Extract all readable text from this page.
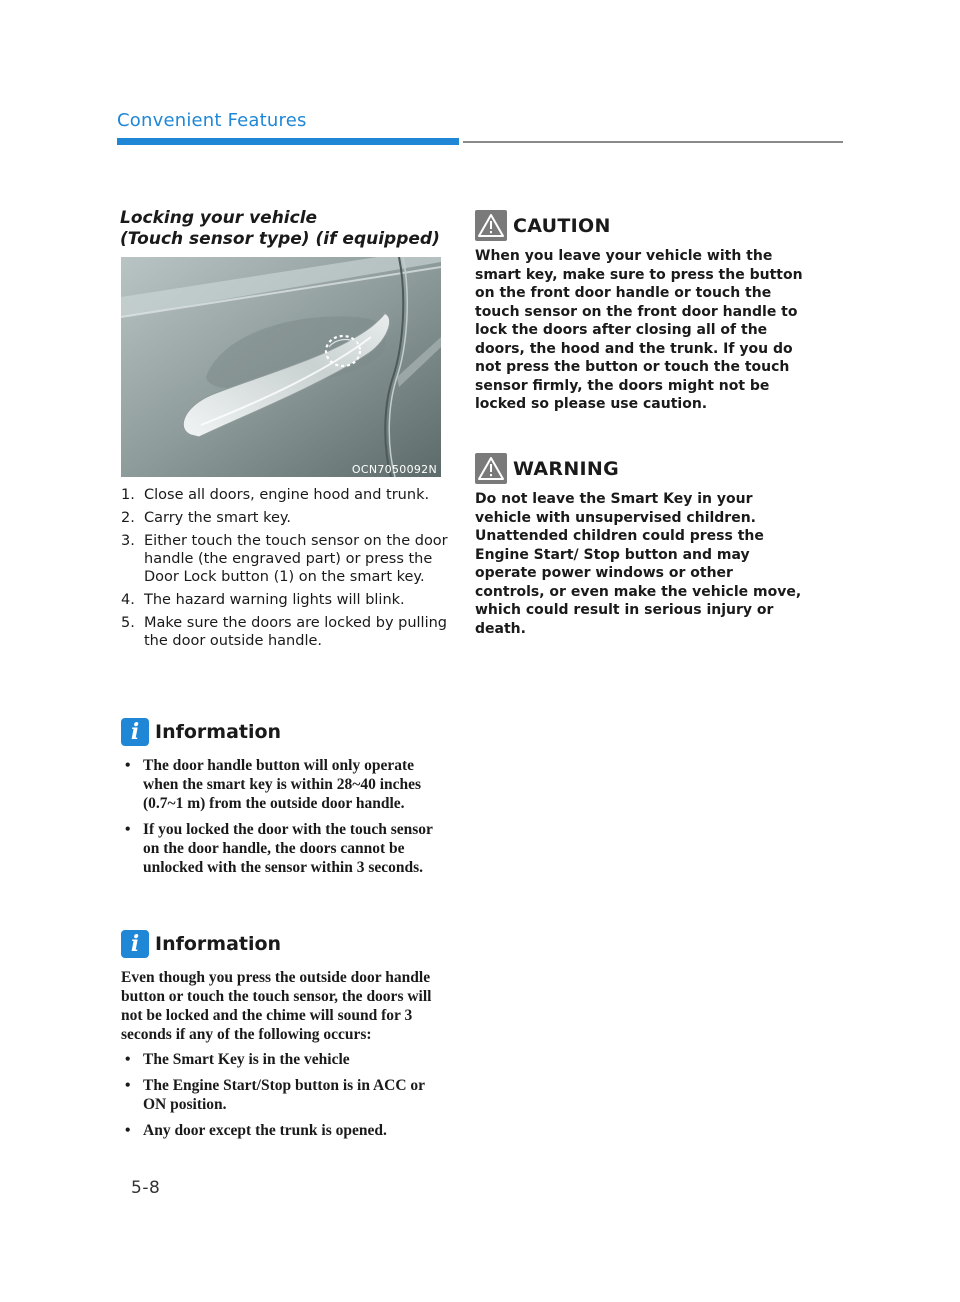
Convenient Features
Locking your vehicle
(Touch sensor type) (if equipped)
OCN7050092N
1. Close all doors, engine hood and trunk.
2. Carry the smart key.
3. Either touch the touch sensor on the door handle (the engraved part) or press the Door Lock button (1) on the smart key.
4. The hazard warning lights will blink.
5. Make sure the doors are locked by pulling the door outside handle.
i Information
• The door handle button will only operate when the smart key is within 28~40 inches (0.7~1 m) from the outside door handle.
• If you locked the door with the touch sensor on the door handle, the doors cannot be unlocked with the sensor within 3 seconds.
i Information
Even though you press the outside door handle button or touch the touch sensor, the doors will not be locked and the chime will sound for 3 seconds if any of the following occurs:
• The Smart Key is in the vehicle
• The Engine Start/Stop button is in ACC or ON position.
• Any door except the trunk is opened.
CAUTION
When you leave your vehicle with the smart key, make sure to press the button on the front door handle or touch the touch sensor on the front door handle to lock the doors after closing all of the doors, the hood and the trunk. If you do not press the button or touch the touch sensor firmly, the doors might not be locked so please use caution.
WARNING
Do not leave the Smart Key in your vehicle with unsupervised children. Unattended children could press the Engine Start/ Stop button and may operate power windows or other controls, or even make the vehicle move, which could result in serious injury or death.
5-8
